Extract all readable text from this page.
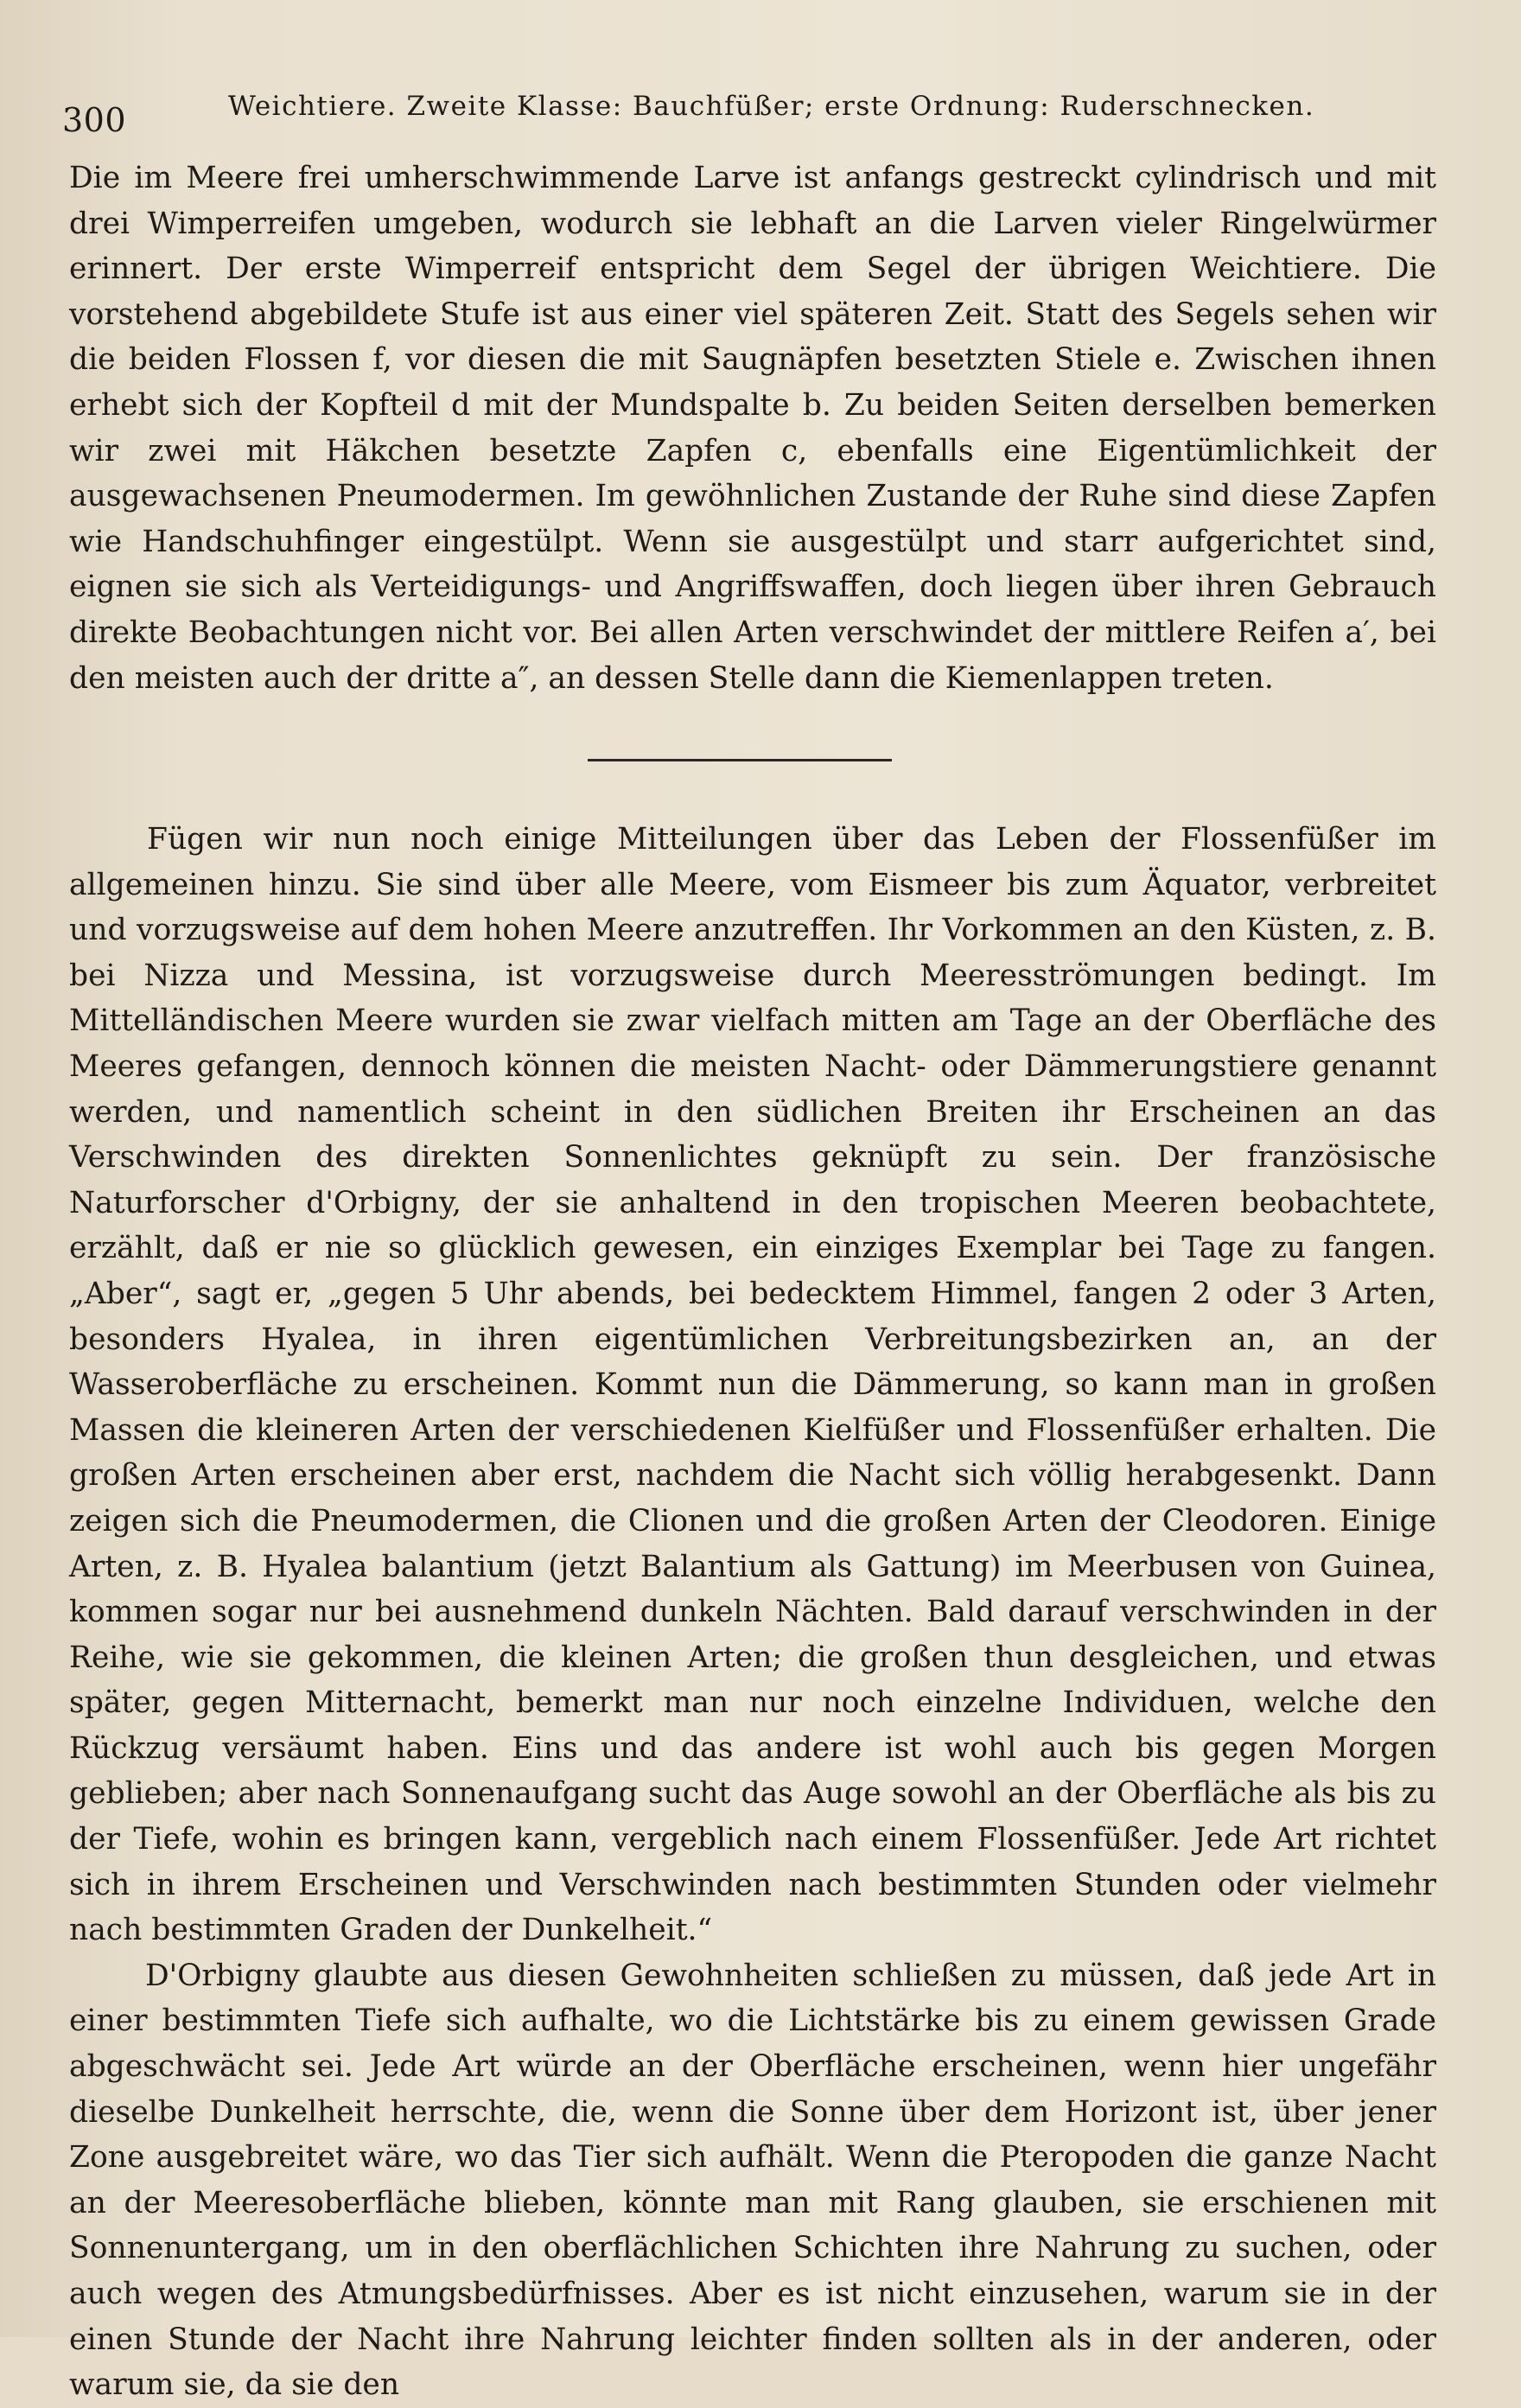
300	Weichtiere. Zweite Klasse: Bauchfüßer; erste Ordnung: Ruderschnecken.

Die im Meere frei umherschwimmende Larve ist anfangs gestreckt cylindrisch und mit drei Wimperreifen umgeben, wodurch sie lebhaft an die Larven vieler Ringelwürmer erinnert. Der erste Wimperreif entspricht dem Segel der übrigen Weichtiere. Die vorstehend abgebildete Stufe ist aus einer viel späteren Zeit. Statt des Segels sehen wir die beiden Flossen f, vor diesen die mit Saugnäpfen besetzten Stiele e. Zwischen ihnen erhebt sich der Kopfteil d mit der Mundspalte b. Zu beiden Seiten derselben bemerken wir zwei mit Häkchen besetzte Zapfen c, ebenfalls eine Eigentümlichkeit der ausgewachsenen Pneumodermen. Im gewöhnlichen Zustande der Ruhe sind diese Zapfen wie Handschuhfinger eingestülpt. Wenn sie ausgestülpt und starr aufgerichtet sind, eignen sie sich als Verteidigungs- und Angriffswaffen, doch liegen über ihren Gebrauch direkte Beobachtungen nicht vor. Bei allen Arten verschwindet der mittlere Reifen a′, bei den meisten auch der dritte a″, an dessen Stelle dann die Kiemenlappen treten.

Fügen wir nun noch einige Mitteilungen über das Leben der Flossenfüßer im allgemeinen hinzu. Sie sind über alle Meere, vom Eismeer bis zum Äquator, verbreitet und vorzugsweise auf dem hohen Meere anzutreffen. Ihr Vorkommen an den Küsten, z. B. bei Nizza und Messina, ist vorzugsweise durch Meeresströmungen bedingt. Im Mittelländischen Meere wurden sie zwar vielfach mitten am Tage an der Oberfläche des Meeres gefangen, dennoch können die meisten Nacht- oder Dämmerungstiere genannt werden, und namentlich scheint in den südlichen Breiten ihr Erscheinen an das Verschwinden des direkten Sonnenlichtes geknüpft zu sein. Der französische Naturforscher d'Orbigny, der sie anhaltend in den tropischen Meeren beobachtete, erzählt, daß er nie so glücklich gewesen, ein einziges Exemplar bei Tage zu fangen. „Aber“, sagt er, „gegen 5 Uhr abends, bei bedecktem Himmel, fangen 2 oder 3 Arten, besonders Hyalea, in ihren eigentümlichen Verbreitungsbezirken an, an der Wasseroberfläche zu erscheinen. Kommt nun die Dämmerung, so kann man in großen Massen die kleineren Arten der verschiedenen Kielfüßer und Flossenfüßer erhalten. Die großen Arten erscheinen aber erst, nachdem die Nacht sich völlig herabgesenkt. Dann zeigen sich die Pneumodermen, die Clionen und die großen Arten der Cleodoren. Einige Arten, z. B. Hyalea balantium (jetzt Balantium als Gattung) im Meerbusen von Guinea, kommen sogar nur bei ausnehmend dunkeln Nächten. Bald darauf verschwinden in der Reihe, wie sie gekommen, die kleinen Arten; die großen thun desgleichen, und etwas später, gegen Mitternacht, bemerkt man nur noch einzelne Individuen, welche den Rückzug versäumt haben. Eins und das andere ist wohl auch bis gegen Morgen geblieben; aber nach Sonnenaufgang sucht das Auge sowohl an der Oberfläche als bis zu der Tiefe, wohin es bringen kann, vergeblich nach einem Flossenfüßer. Jede Art richtet sich in ihrem Erscheinen und Verschwinden nach bestimmten Stunden oder vielmehr nach bestimmten Graden der Dunkelheit.“

D'Orbigny glaubte aus diesen Gewohnheiten schließen zu müssen, daß jede Art in einer bestimmten Tiefe sich aufhalte, wo die Lichtstärke bis zu einem gewissen Grade abgeschwächt sei. Jede Art würde an der Oberfläche erscheinen, wenn hier ungefähr dieselbe Dunkelheit herrschte, die, wenn die Sonne über dem Horizont ist, über jener Zone ausgebreitet wäre, wo das Tier sich aufhält. Wenn die Pteropoden die ganze Nacht an der Meeresoberfläche blieben, könnte man mit Rang glauben, sie erschienen mit Sonnenuntergang, um in den oberflächlichen Schichten ihre Nahrung zu suchen, oder auch wegen des Atmungsbedürfnisses. Aber es ist nicht einzusehen, warum sie in der einen Stunde der Nacht ihre Nahrung leichter finden sollten als in der anderen, oder warum sie, da sie den
